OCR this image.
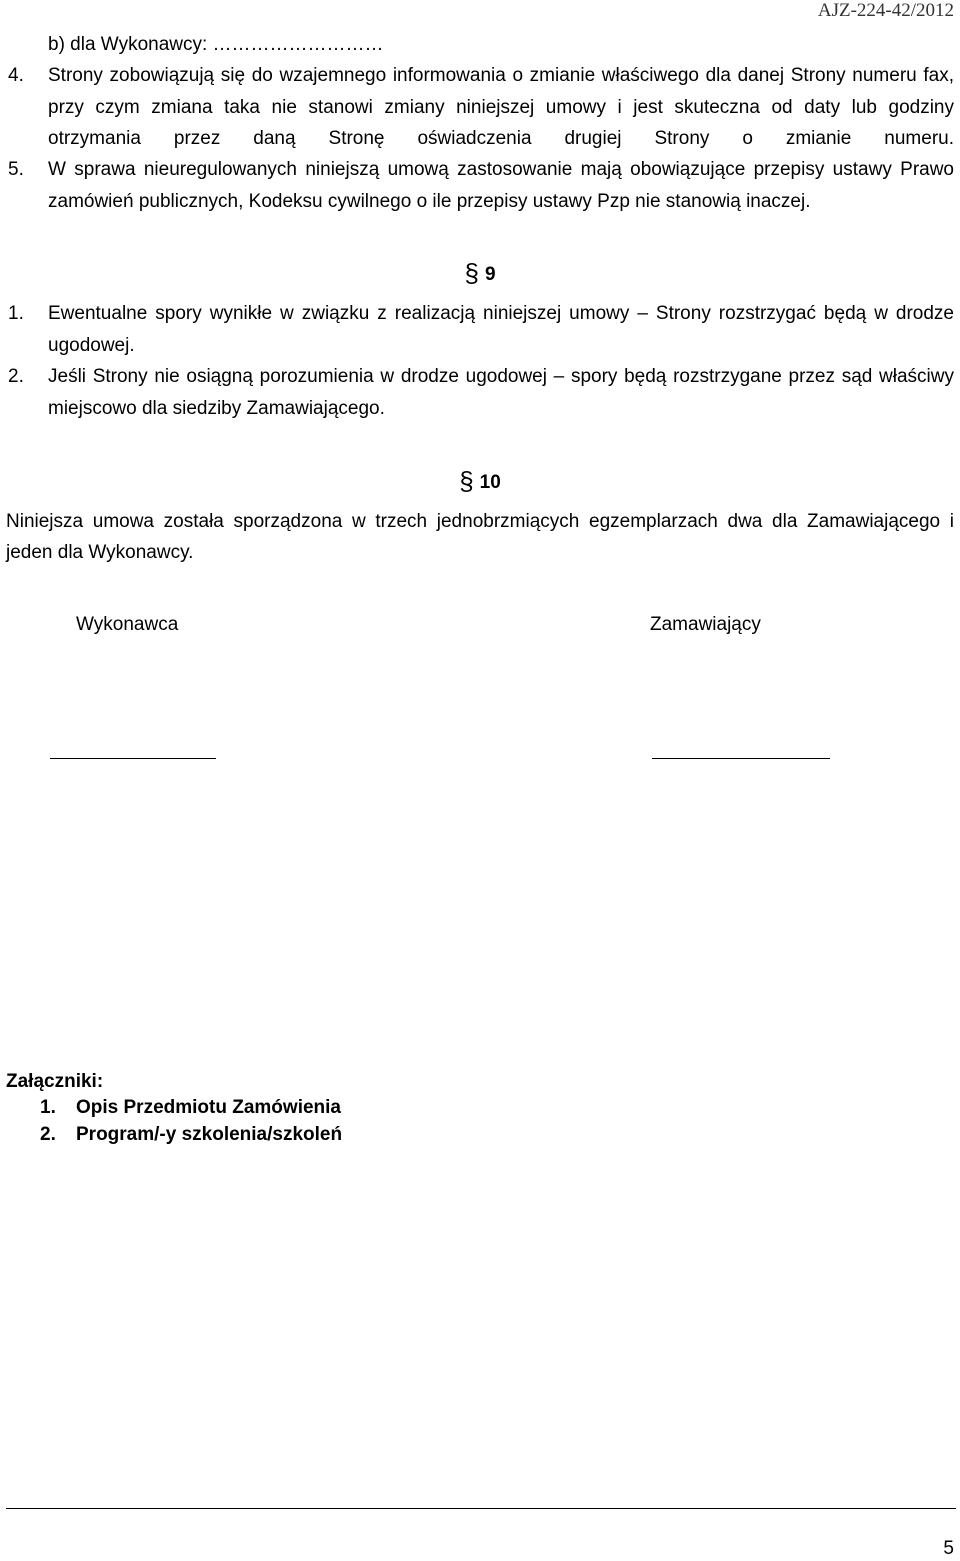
AJZ-224-42/2012
b) dla Wykonawcy: ………………………
4. Strony zobowiązują się do wzajemnego informowania o zmianie właściwego dla danej Strony numeru fax, przy czym zmiana taka nie stanowi zmiany niniejszej umowy i jest skuteczna od daty lub godziny otrzymania przez daną Stronę oświadczenia drugiej Strony o zmianie numeru.
5. W sprawa nieuregulowanych niniejszą umową zastosowanie mają obowiązujące przepisy ustawy Prawo zamówień publicznych, Kodeksu cywilnego o ile przepisy ustawy Pzp nie stanowią inaczej.
§ 9
1. Ewentualne spory wynikłe w związku z realizacją niniejszej umowy – Strony rozstrzygać będą w drodze ugodowej.
2. Jeśli Strony nie osiągną porozumienia w drodze ugodowej – spory będą rozstrzygane przez sąd właściwy miejscowo dla siedziby Zamawiającego.
§ 10
Niniejsza umowa została sporządzona w trzech jednobrzmiących egzemplarzach dwa dla Zamawiającego i jeden dla Wykonawcy.
Wykonawca	Zamawiający
Załączniki:
1. Opis Przedmiotu Zamówienia
2. Program/-y szkolenia/szkoleń
5
